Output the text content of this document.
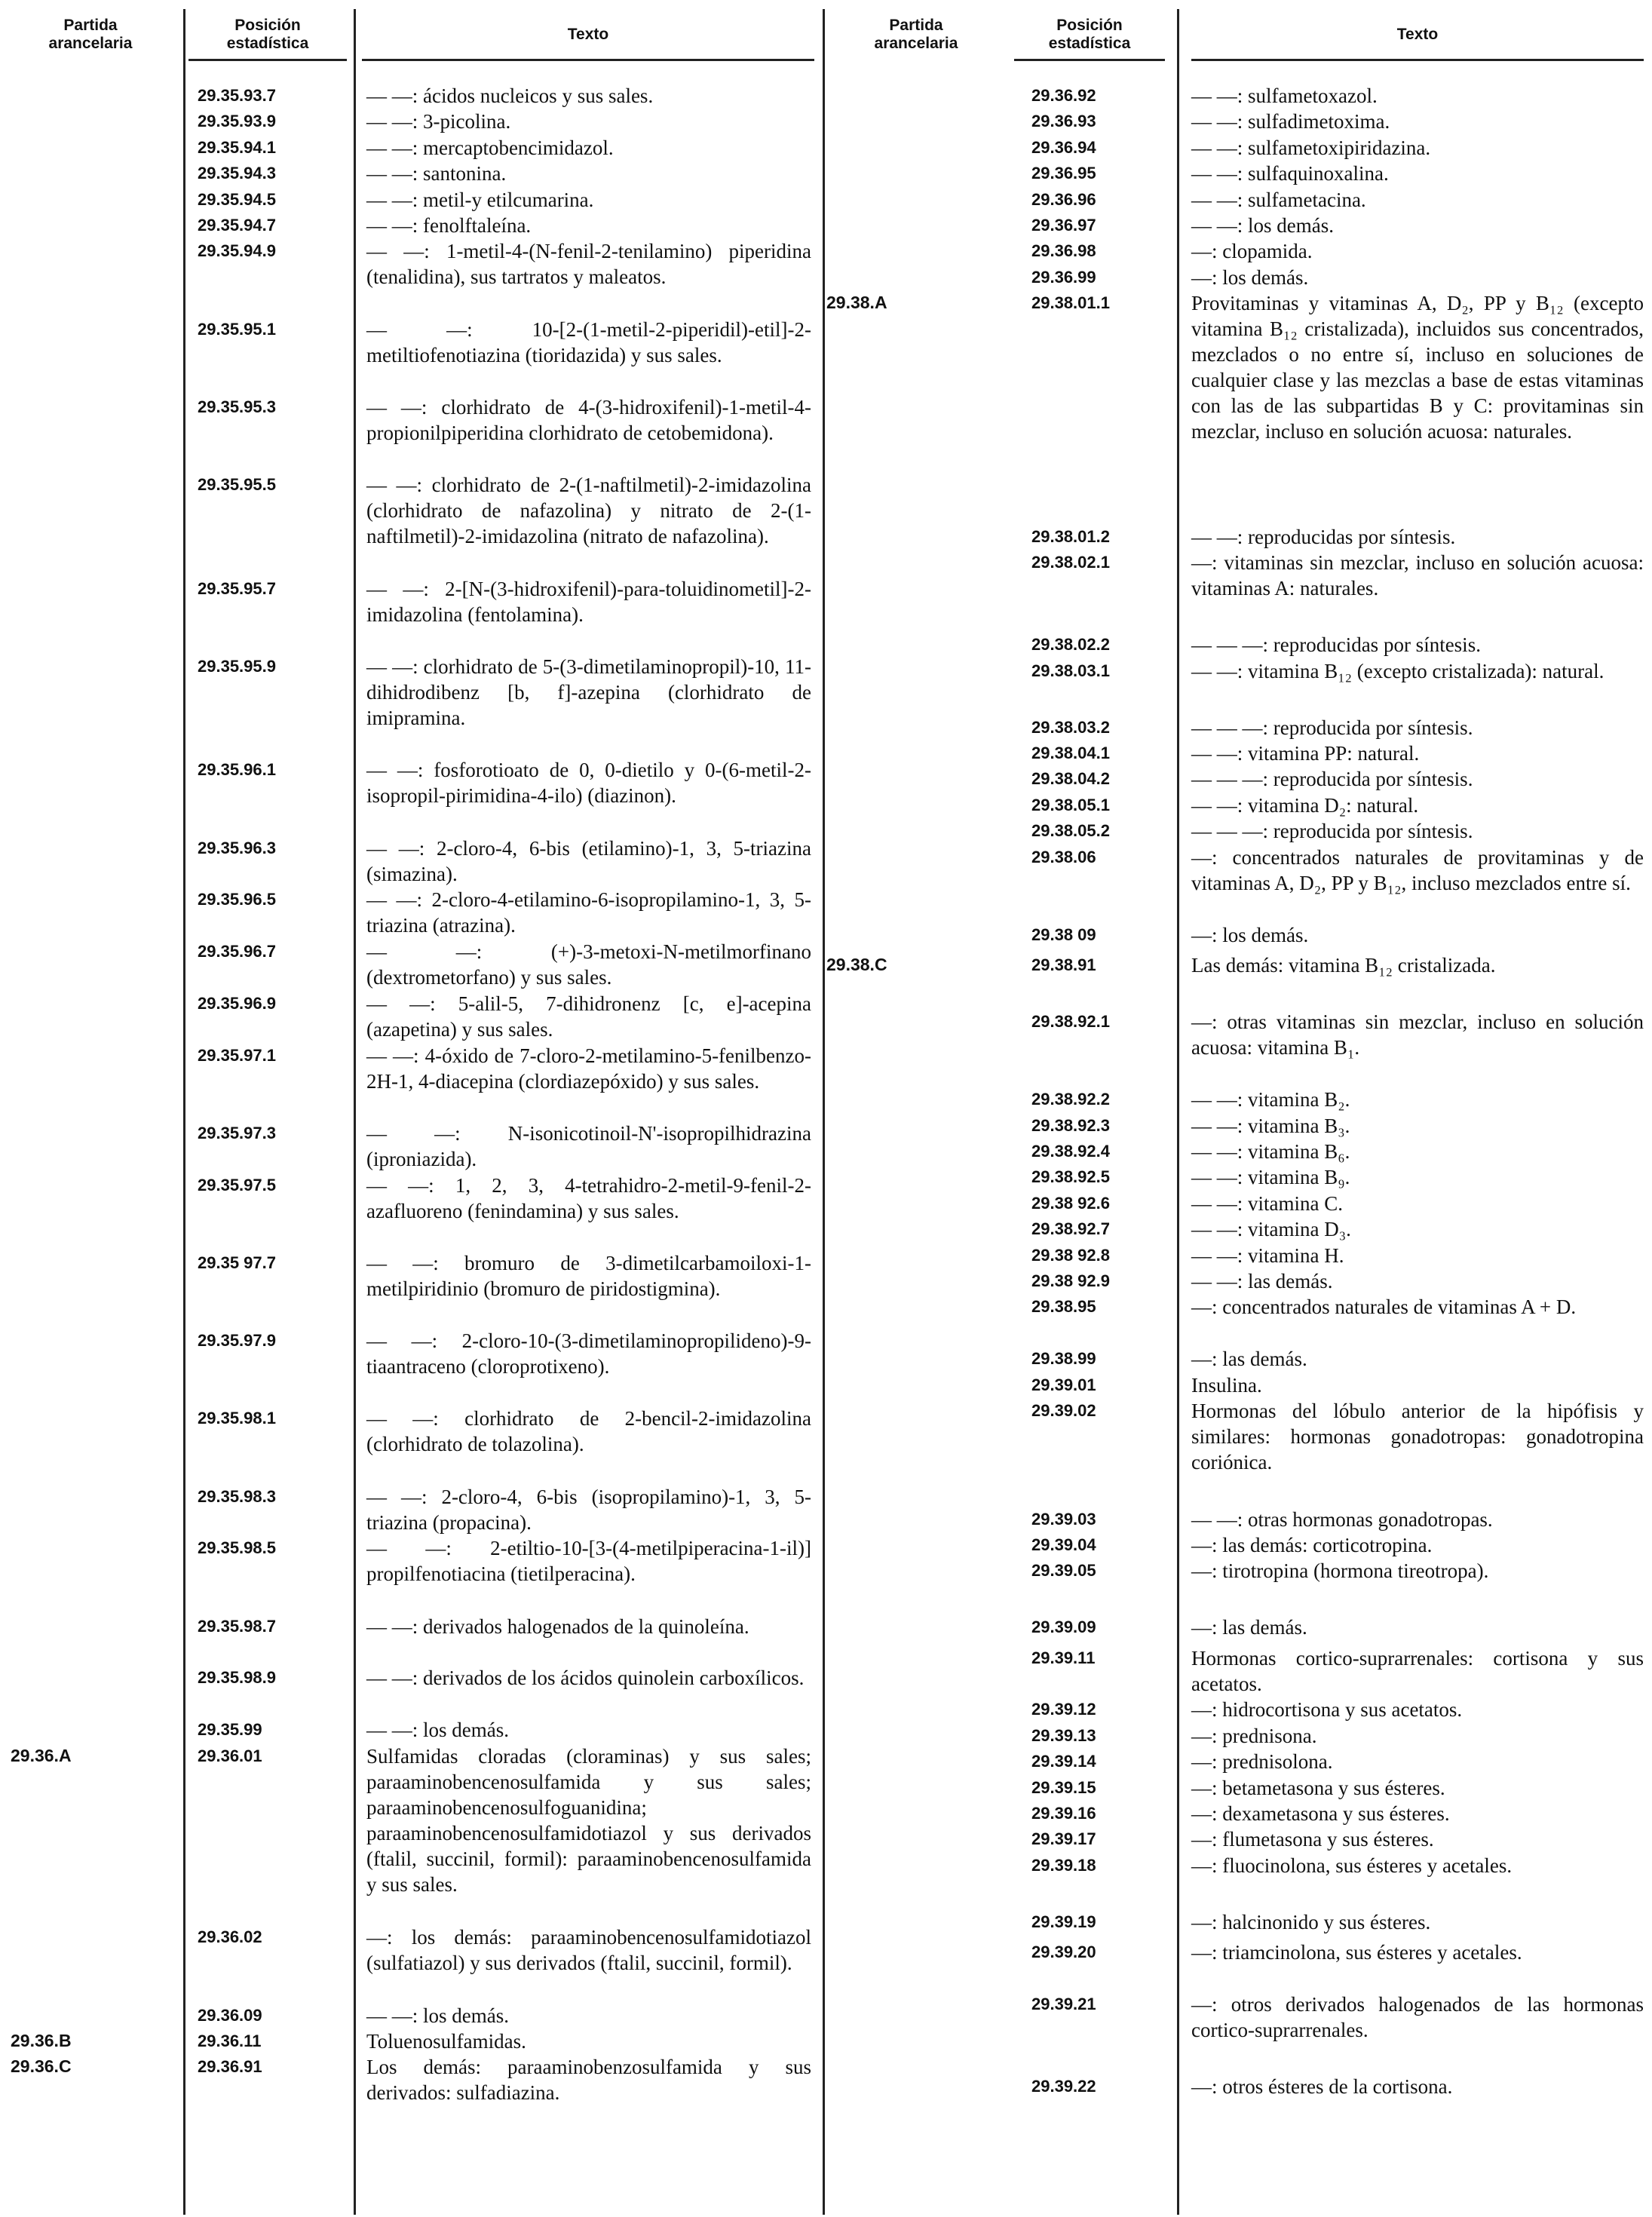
Partida
arancelaria
Posición
estadística
Texto
29.35.93.7	— —: ácidos nucleicos y sus sales.
29.35.93.9	— —: 3-picolina.
29.35.94.1	— —: mercaptobencimidazol.
29.35.94.3	— —: santonina.
29.35.94.5	— —: metil-y etilcumarina.
29.35.94.7	— —: fenolftaleína.
29.35.94.9	— —: 1-metil-4-(N-fenil-2-tenilamino) piperidina (tenalidina), sus tartratos y maleatos.
29.35.95.1	— —: 10-[2-(1-metil-2-piperidil)-etil]-2-metiltiofenotiazina (tioridazida) y sus sales.
29.35.95.3	— —: clorhidrato de 4-(3-hidroxifenil)-1-metil-4-propionilpiperidina clorhidrato de cetobemidona).
29.35.95.5	— —: clorhidrato de 2-(1-naftilmetil)-2-imidazolina (clorhidrato de nafazolina) y nitrato de 2-(1-naftilmetil)-2-imidazolina (nitrato de nafazolina).
29.35.95.7	— —: 2-[N-(3-hidroxifenil)-para-toluidinometil]-2-imidazolina (fentolamina).
29.35.95.9	— —: clorhidrato de 5-(3-dimetilaminopropil)-10, 11-dihidrodibenz [b, f]-azepina (clorhidrato de imipramina.
29.35.96.1	— —: fosforotioato de 0, 0-dietilo y 0-(6-metil-2-isopropil-pirimidina-4-ilo) (diazinon).
29.35.96.3	— —: 2-cloro-4, 6-bis (etilamino)-1, 3, 5-triazina (simazina).
29.35.96.5	— —: 2-cloro-4-etilamino-6-isopropilamino-1, 3, 5-triazina (atrazina).
29.35.96.7	— —: (+)-3-metoxi-N-metilmorfinano (dextrometorfano) y sus sales.
29.35.96.9	— —: 5-alil-5, 7-dihidronenz [c, e]-acepina (azapetina) y sus sales.
29.35.97.1	— —: 4-óxido de 7-cloro-2-metilamino-5-fenilbenzo-2H-1, 4-diacepina (clordiazepóxido) y sus sales.
29.35.97.3	— —: N-isonicotinoil-N'-isopropilhidrazina (iproniazida).
29.35.97.5	— —: 1, 2, 3, 4-tetrahidro-2-metil-9-fenil-2-azafluoreno (fenindamina) y sus sales.
29.35 97.7	— —: bromuro de 3-dimetilcarbamoiloxi-1-metilpiridinio (bromuro de piridostigmina).
29.35.97.9	— —: 2-cloro-10-(3-dimetilaminopropilideno)-9-tiaantraceno (cloroprotixeno).
29.35.98.1	— —: clorhidrato de 2-bencil-2-imidazolina (clorhidrato de tolazolina).
29.35.98.3	— —: 2-cloro-4, 6-bis (isopropilamino)-1, 3, 5-triazina (propacina).
29.35.98.5	— —: 2-etiltio-10-[3-(4-metilpiperacina-1-il)] propilfenotiacina (tietilperacina).
29.35.98.7	— —: derivados halogenados de la quinoleína.
29.35.98.9	— —: derivados de los ácidos quinolein carboxílicos.
29.35.99	— —: los demás.
29.36.A	29.36.01	Sulfamidas cloradas (cloraminas) y sus sales; paraaminobencenosulfamida y sus sales; paraaminobencenosulfoguanidina; paraaminobencenosulfamidotiazol y sus derivados (ftalil, succinil, formil): paraaminobencenosulfamida y sus sales.
29.36.02	—: los demás: paraaminobencenosulfamidotiazol (sulfatiazol) y sus derivados (ftalil, succinil, formil).
29.36.09	— —: los demás.
29.36.B	29.36.11	Toluenosulfamidas.
29.36.C	29.36.91	Los demás: paraaminobenzosulfamida y sus derivados: sulfadiazina.
Partida
arancelaria
Posición
estadística
Texto
29.36.92	— —: sulfametoxazol.
29.36.93	— —: sulfadimetoxima.
29.36.94	— —: sulfametoxipiridazina.
29.36.95	— —: sulfaquinoxalina.
29.36.96	— —: sulfametacina.
29.36.97	— —: los demás.
29.36.98	—: clopamida.
29.36.99	—: los demás.
29.38.A	29.38.01.1	Provitaminas y vitaminas A, D₂, PP y B₁₂ (excepto vitamina B₁₂ cristalizada), incluidos sus concentrados, mezclados o no entre sí, incluso en soluciones de cualquier clase y las mezclas a base de estas vitaminas con las de las subpartidas B y C: provitaminas sin mezclar, incluso en solución acuosa: naturales.
29.38.01.2	— —: reproducidas por síntesis.
29.38.02.1	—: vitaminas sin mezclar, incluso en solución acuosa: vitaminas A: naturales.
29.38.02.2	— — —: reproducidas por síntesis.
29.38.03.1	— —: vitamina B₁₂ (excepto cristalizada): natural.
29.38.03.2	— — —: reproducida por síntesis.
29.38.04.1	— —: vitamina PP: natural.
29.38.04.2	— — —: reproducida por síntesis.
29.38.05.1	— —: vitamina D₂: natural.
29.38.05.2	— — —: reproducida por síntesis.
29.38.06	—: concentrados naturales de provitaminas y de vitaminas A, D₂, PP y B₁₂, incluso mezclados entre sí.
29.38 09	—: los demás.
29.38.C	29.38.91	Las demás: vitamina B₁₂ cristalizada.
29.38.92.1	—: otras vitaminas sin mezclar, incluso en solución acuosa: vitamina B₁.
29.38.92.2	— —: vitamina B₂.
29.38.92.3	— —: vitamina B₃.
29.38.92.4	— —: vitamina B₆.
29.38.92.5	— —: vitamina B₉.
29.38 92.6	— —: vitamina C.
29.38.92.7	— —: vitamina D₃.
29.38 92.8	— —: vitamina H.
29.38 92.9	— —: las demás.
29.38.95	—: concentrados naturales de vitaminas A + D.
29.38.99	—: las demás.
29.39.01	Insulina.
29.39.02	Hormonas del lóbulo anterior de la hipófisis y similares: hormonas gonadotropas: gonadotropina coriónica.
29.39.03	— —: otras hormonas gonadotropas.
29.39.04	—: las demás: corticotropina.
29.39.05	—: tirotropina (hormona tireotropa).
29.39.09	—: las demás.
29.39.11	Hormonas cortico-suprarrenales: cortisona y sus acetatos.
29.39.12	—: hidrocortisona y sus acetatos.
29.39.13	—: prednisona.
29.39.14	—: prednisolona.
29.39.15	—: betametasona y sus ésteres.
29.39.16	—: dexametasona y sus ésteres.
29.39.17	—: flumetasona y sus ésteres.
29.39.18	—: fluocinolona, sus ésteres y acetales.
29.39.19	—: halcinonido y sus ésteres.
29.39.20	—: triamcinolona, sus ésteres y acetales.
29.39.21	—: otros derivados halogenados de las hormonas cortico-suprarrenales.
29.39.22	—: otros ésteres de la cortisona.
